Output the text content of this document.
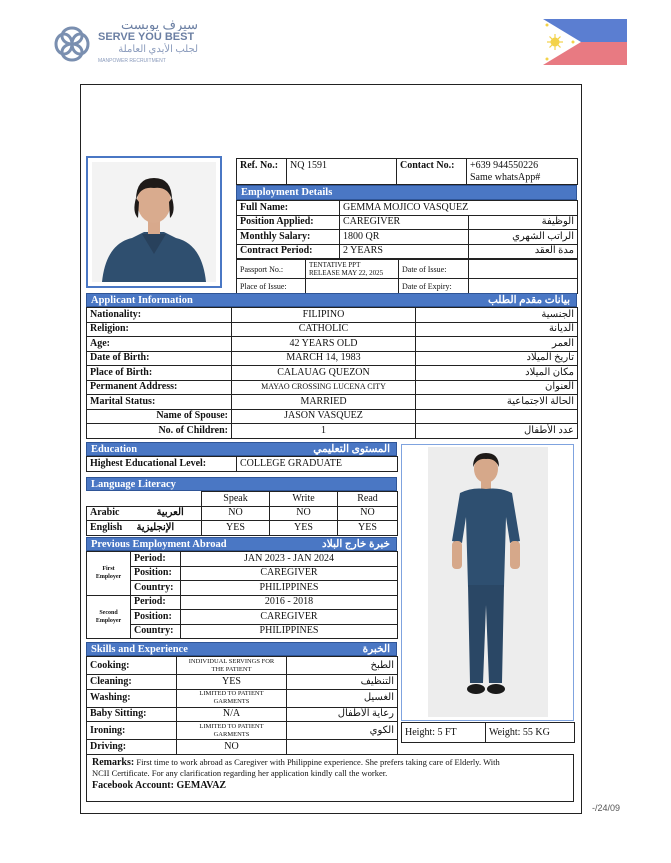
سيرف يوبست
SERVE YOU BEST
لجلب الأيدي العاملة
MANPOWER RECRUITMENT
Ref. No.:	NQ 1591	Contact No.:	+639 944550226
Same whatsApp#
Employment Details
Full Name:	GEMMA MOJICO VASQUEZ	
Position Applied:	CAREGIVER	الوظيفة
Monthly Salary:	1800 QR	الراتب الشهري
Contract Period:	2 YEARS	مدة العقد
Passport No.:	TENTATIVE PPT
RELEASE MAY 22, 2025	Date of Issue:	
Place of Issue:		Date of Expiry:	
Applicant Information	بيانات مقدم الطلب
Nationality:	FILIPINO	الجنسية
Religion:	CATHOLIC	الديانة
Age:	42 YEARS OLD	العمر
Date of Birth:	MARCH 14, 1983	تاريخ الميلاد
Place of Birth:	CALAUAG QUEZON	مكان الميلاد
Permanent Address:	MAYAO CROSSING LUCENA CITY	العنوان
Marital Status:	MARRIED	الحالة الاجتماعية
Name of Spouse:	JASON VASQUEZ	
No. of Children:	1	عدد الأطفال
Education	المستوى التعليمي
Highest Educational Level:	COLLEGE GRADUATE
Language Literacy
	Speak	Write	Read
Arabic العربية	NO	NO	NO
English الإنجليزية	YES	YES	YES
Previous Employment Abroad	خبرة خارج البلاد
First
Employer	Period:	JAN 2023 - JAN 2024
	Position:	CAREGIVER
	Country:	PHILIPPINES

Second
Employer	Period:	2016 - 2018
	Position:	CAREGIVER
	Country:	PHILIPPINES
Skills and Experience	الخبرة
Cooking:	INDIVIDUAL SERVINGS FOR
THE PATIENT	الطبخ
Cleaning:	YES	التنظيف
Washing:	LIMITED TO PATIENT
GARMENTS	الغسيل
Baby Sitting:	N/A	رعاية الأطفال
Ironing:	LIMITED TO PATIENT
GARMENTS	الكوي
Driving:	NO	

Height: 5 FT	Weight: 55 KG
Remarks: First time to work abroad as Caregiver with Philippine experience. She prefers taking care of Elderly. With
NCII Certificate. For any clarification regarding her application kindly call the worker.
Facebook Account: GEMAVAZ
-/24/09
